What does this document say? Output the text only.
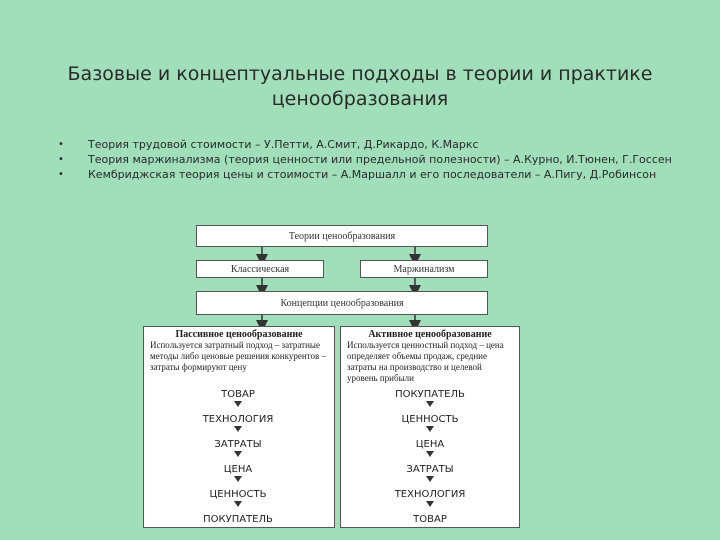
Базовые и концептуальные подходы в теории и практике
ценообразования
• Теория трудовой стоимости – У.Петти, А.Смит, Д.Рикардо, К.Маркс
• Теория маржинализма (теория ценности или предельной полезности) – А.Курно, И.Тюнен, Г.Госсен
• Кембриджская теория цены и стоимости – А.Маршалл и его последователи – А.Пигу, Д.Робинсон
Теории ценообразования
Классическая	Маржинализм
Концепции ценообразования
Пассивное ценообразование
Используется затратный подход – затратные методы либо ценовые решения конкурентов – затраты формируют цену
Активное ценообразование
Используется ценностный подход – цена определяет объемы продаж, средние затраты на производство и целевой уровень прибыли
ТОВАР
ТЕХНОЛОГИЯ
ЗАТРАТЫ
ЦЕНА
ЦЕННОСТЬ
ПОКУПАТЕЛЬ
ПОКУПАТЕЛЬ
ЦЕННОСТЬ
ЦЕНА
ЗАТРАТЫ
ТЕХНОЛОГИЯ
ТОВАР
